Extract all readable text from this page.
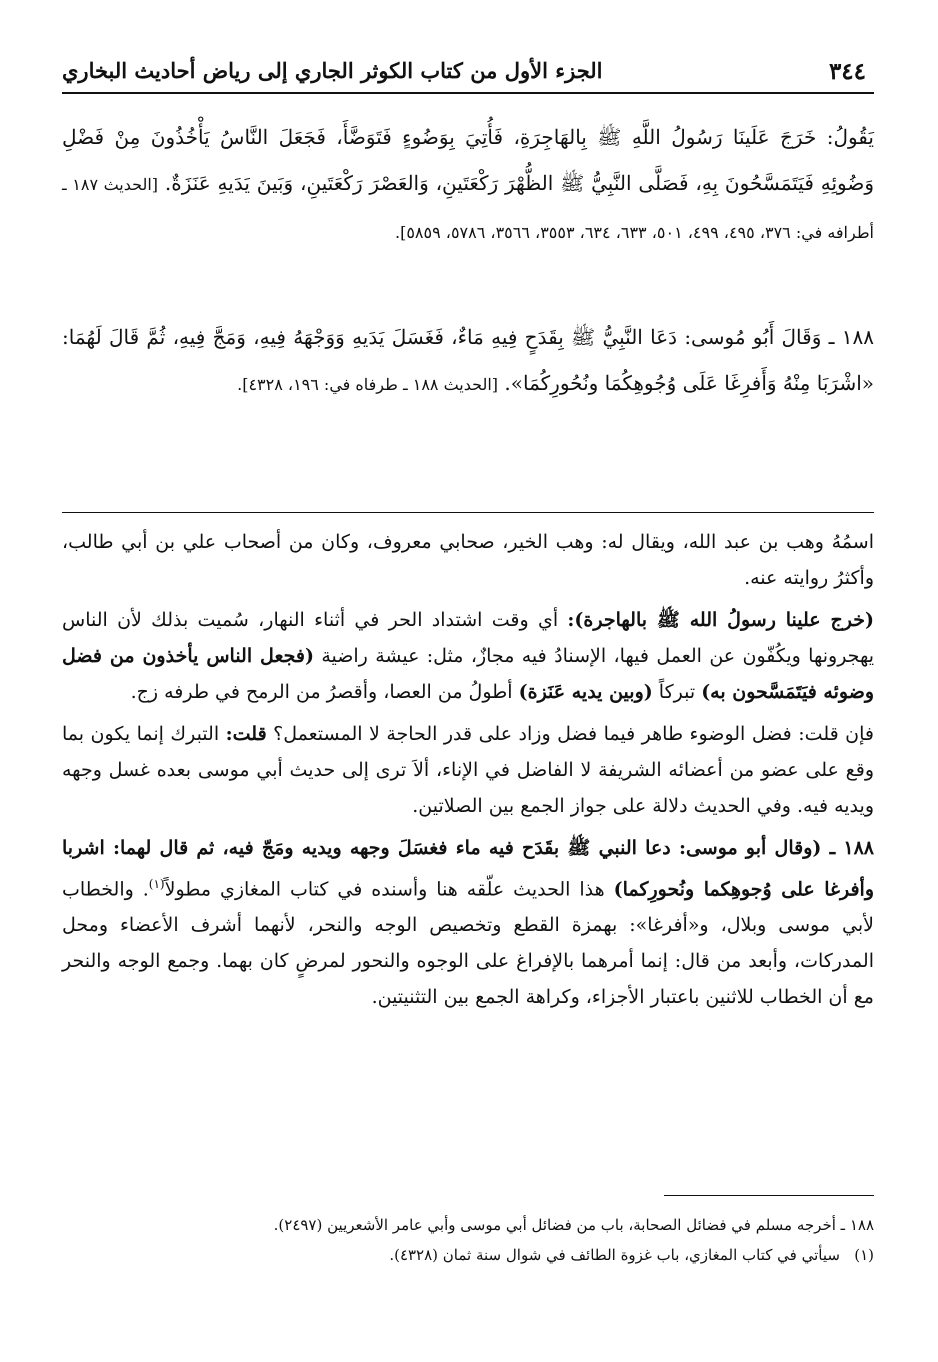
٣٤٤
الجزء الأول من كتاب الكوثر الجاري إلى رياض أحاديث البخاري

يَقُولُ: خَرَجَ عَلَينَا رَسُولُ اللَّهِ ﷺ بِالهَاجِرَةِ، فَأُتِيَ بِوَضُوءٍ فَتَوَضَّأَ، فَجَعَلَ النَّاسُ يَأْخُذُونَ مِنْ فَضْلِ وَضُوئِهِ فَيَتَمَسَّحُونَ بِهِ، فَصَلَّى النَّبِيُّ ﷺ الظُّهْرَ رَكْعَتَينِ، وَالعَصْرَ رَكْعَتَينِ، وَبَينَ يَدَيهِ عَنَزَةٌ. [الحديث ١٨٧ ـ أطرافه في: ٣٧٦، ٤٩٥، ٤٩٩، ٥٠١، ٦٣٣، ٦٣٤، ٣٥٥٣، ٣٥٦٦، ٥٧٨٦، ٥٨٥٩].

١٨٨ ـ وَقَالَ أَبُو مُوسى: دَعَا النَّبِيُّ ﷺ بِقَدَحٍ فِيهِ مَاءٌ، فَغَسَلَ يَدَيهِ وَوَجْهَهُ فِيهِ، وَمَجَّ فِيهِ، ثُمَّ قَالَ لَهُمَا: «اشْرَبَا مِنْهُ وَأَفرِغَا عَلَى وُجُوهِكُمَا ونُحُورِكُمَا». [الحديث ١٨٨ ـ طرفاه في: ١٩٦، ٤٣٢٨].

اسمُهُ وهب بن عبد الله، ويقال له: وهب الخير، صحابي معروف، وكان من أصحاب علي بن أبي طالب، وأكثرُ روايته عنه.

(خرج علينا رسولُ الله ﷺ بالهاجرة): أي وقت اشتداد الحر في أثناء النهار، سُميت بذلك لأن الناس يهجرونها ويكُفّون عن العمل فيها، الإسنادُ فيه مجازٌ، مثل: عيشة راضية (فجعل الناس يأخذون من فضل وضوئه فيَتَمَسَّحون به) تبركاً (وبين يديه عَنَزة) أطولُ من العصا، وأقصرُ من الرمح في طرفه زج.

فإن قلت: فضل الوضوء طاهر فيما فضل وزاد على قدر الحاجة لا المستعمل؟ قلت: التبرك إنما يكون بما وقع على عضو من أعضائه الشريفة لا الفاضل في الإناء، ألاَ ترى إلى حديث أبي موسى بعده غسل وجهه ويديه فيه. وفي الحديث دلالة على جواز الجمع بين الصلاتين.

١٨٨ ـ (وقال أبو موسى: دعا النبي ﷺ بقَدَح فيه ماء فغسَلَ وجهه ويديه ومَجّ فيه، ثم قال لهما: اشربا وأفرغا على وُجوهِكما ونُحورِكما) هذا الحديث علّقه هنا وأسنده في كتاب المغازي مطولاً$^{(١)}$. والخطاب لأبي موسى وبلال، و«أفرغا»: بهمزة القطع وتخصيص الوجه والنحر، لأنهما أشرف الأعضاء ومحل المدركات، وأبعد من قال: إنما أمرهما بالإفراغ على الوجوه والنحور لمرضٍ كان بهما. وجمع الوجه والنحر مع أن الخطاب للاثنين باعتبار الأجزاء، وكراهة الجمع بين التثنيتين.

١٨٨ ـ أخرجه مسلم في فضائل الصحابة، باب من فضائل أبي موسى وأبي عامر الأشعريين (٢٤٩٧).

(١)   سيأتي في كتاب المغازي، باب غزوة الطائف في شوال سنة ثمان (٤٣٢٨).
